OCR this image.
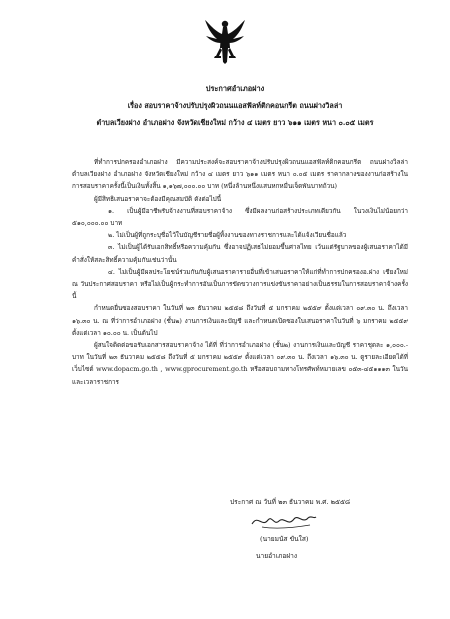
ประกาศอำเภอฝาง
เรื่อง สอบราคาจ้างปรับปรุงผิวถนนแอสฟัลท์ติกคอนกรีต ถนนฝางวิลล่า
ตำบลเวียงฝาง อำเภอฝาง จังหวัดเชียงใหม่ กว้าง ๔ เมตร ยาว ๖๑๑ เมตร หนา ๐.๐๕ เมตร

ที่ทำการปกครองอำเภอฝาง มีความประสงค์จะสอบราคาจ้างปรับปรุงผิวถนนแอสฟัลท์ติกคอนกรีต ถนนฝางวิลล่า ตำบลเวียงฝาง อำเภอฝาง จังหวัดเชียงใหม่ กว้าง ๔ เมตร ยาว ๖๑๑ เมตร หนา ๐.๐๕ เมตร ราคากลางของงานก่อสร้างในการสอบราคาครั้งนี้เป็นเงินทั้งสิ้น ๑,๑๖๗,๐๐๐.๐๐ บาท (หนึ่งล้านหนึ่งแสนหกหมื่นเจ็ดพันบาทถ้วน)

ผู้มีสิทธิเสนอราคาจะต้องมีคุณสมบัติ ดังต่อไปนี้

๑. เป็นผู้มีอาชีพรับจ้างงานที่สอบราคาจ้าง ซึ่งมีผลงานก่อสร้างประเภทเดียวกัน ในวงเงินไม่น้อยกว่า ๕๑๐,๐๐๐.๐๐ บาท

๒. ไม่เป็นผู้ที่ถูกระบุชื่อไว้ในบัญชีรายชื่อผู้ทิ้งงานของทางราชการและได้แจ้งเวียนชื่อแล้ว

๓. ไม่เป็นผู้ได้รับเอกสิทธิ์หรือความคุ้มกัน ซึ่งอาจปฏิเสธไม่ยอมขึ้นศาลไทย เว้นแต่รัฐบาลของผู้เสนอราคาได้มีคำสั่งให้สละสิทธิ์ความคุ้มกันเช่นว่านั้น

๔. ไม่เป็นผู้มีผลประโยชน์ร่วมกันกับผู้เสนอราคารายอื่นที่เข้าเสนอราคาให้แก่ที่ทำการปกครองอ.ฝาง เชียงใหม่ ณ วันประกาศสอบราคา หรือไม่เป็นผู้กระทำการอันเป็นการขัดขวางการแข่งขันราคาอย่างเป็นธรรมในการสอบราคาจ้างครั้งนี้

กำหนดยื่นซองสอบราคา ในวันที่ ๒๓ ธันวาคม ๒๕๕๘ ถึงวันที่ ๕ มกราคม ๒๕๕๙ ตั้งแต่เวลา ๐๙.๓๐ น. ถึงเวลา ๑๖.๓๐ น. ณ ที่ว่าการอำเภอฝาง (ชั้น๒) งานการเงินและบัญชี และกำหนดเปิดซองใบเสนอราคาในวันที่ ๖ มกราคม ๒๕๕๙ ตั้งแต่เวลา ๑๐.๐๐ น. เป็นต้นไป

ผู้สนใจติดต่อขอรับเอกสารสอบราคาจ้าง ได้ที่ ที่ว่าการอำเภอฝาง (ชั้น๒) งานการเงินและบัญชี ราคาชุดละ ๑,๐๐๐.- บาท ในวันที่ ๒๓ ธันวาคม ๒๕๕๘ ถึงวันที่ ๕ มกราคม ๒๕๕๙ ตั้งแต่เวลา ๐๙.๓๐ น. ถึงเวลา ๑๖.๓๐ น. ดูรายละเอียดได้ที่เว็บไซต์ www.dopacm.go.th , www.gprocurement.go.th หรือสอบถามทางโทรศัพท์หมายเลข ๐๕๓-๔๕๑๑๑๓ ในวันและเวลาราชการ

ประกาศ ณ วันที่ ๒๓ ธันวาคม พ.ศ. ๒๕๕๘
(นายมนัส ขันใส)
นายอำเภอฝาง
